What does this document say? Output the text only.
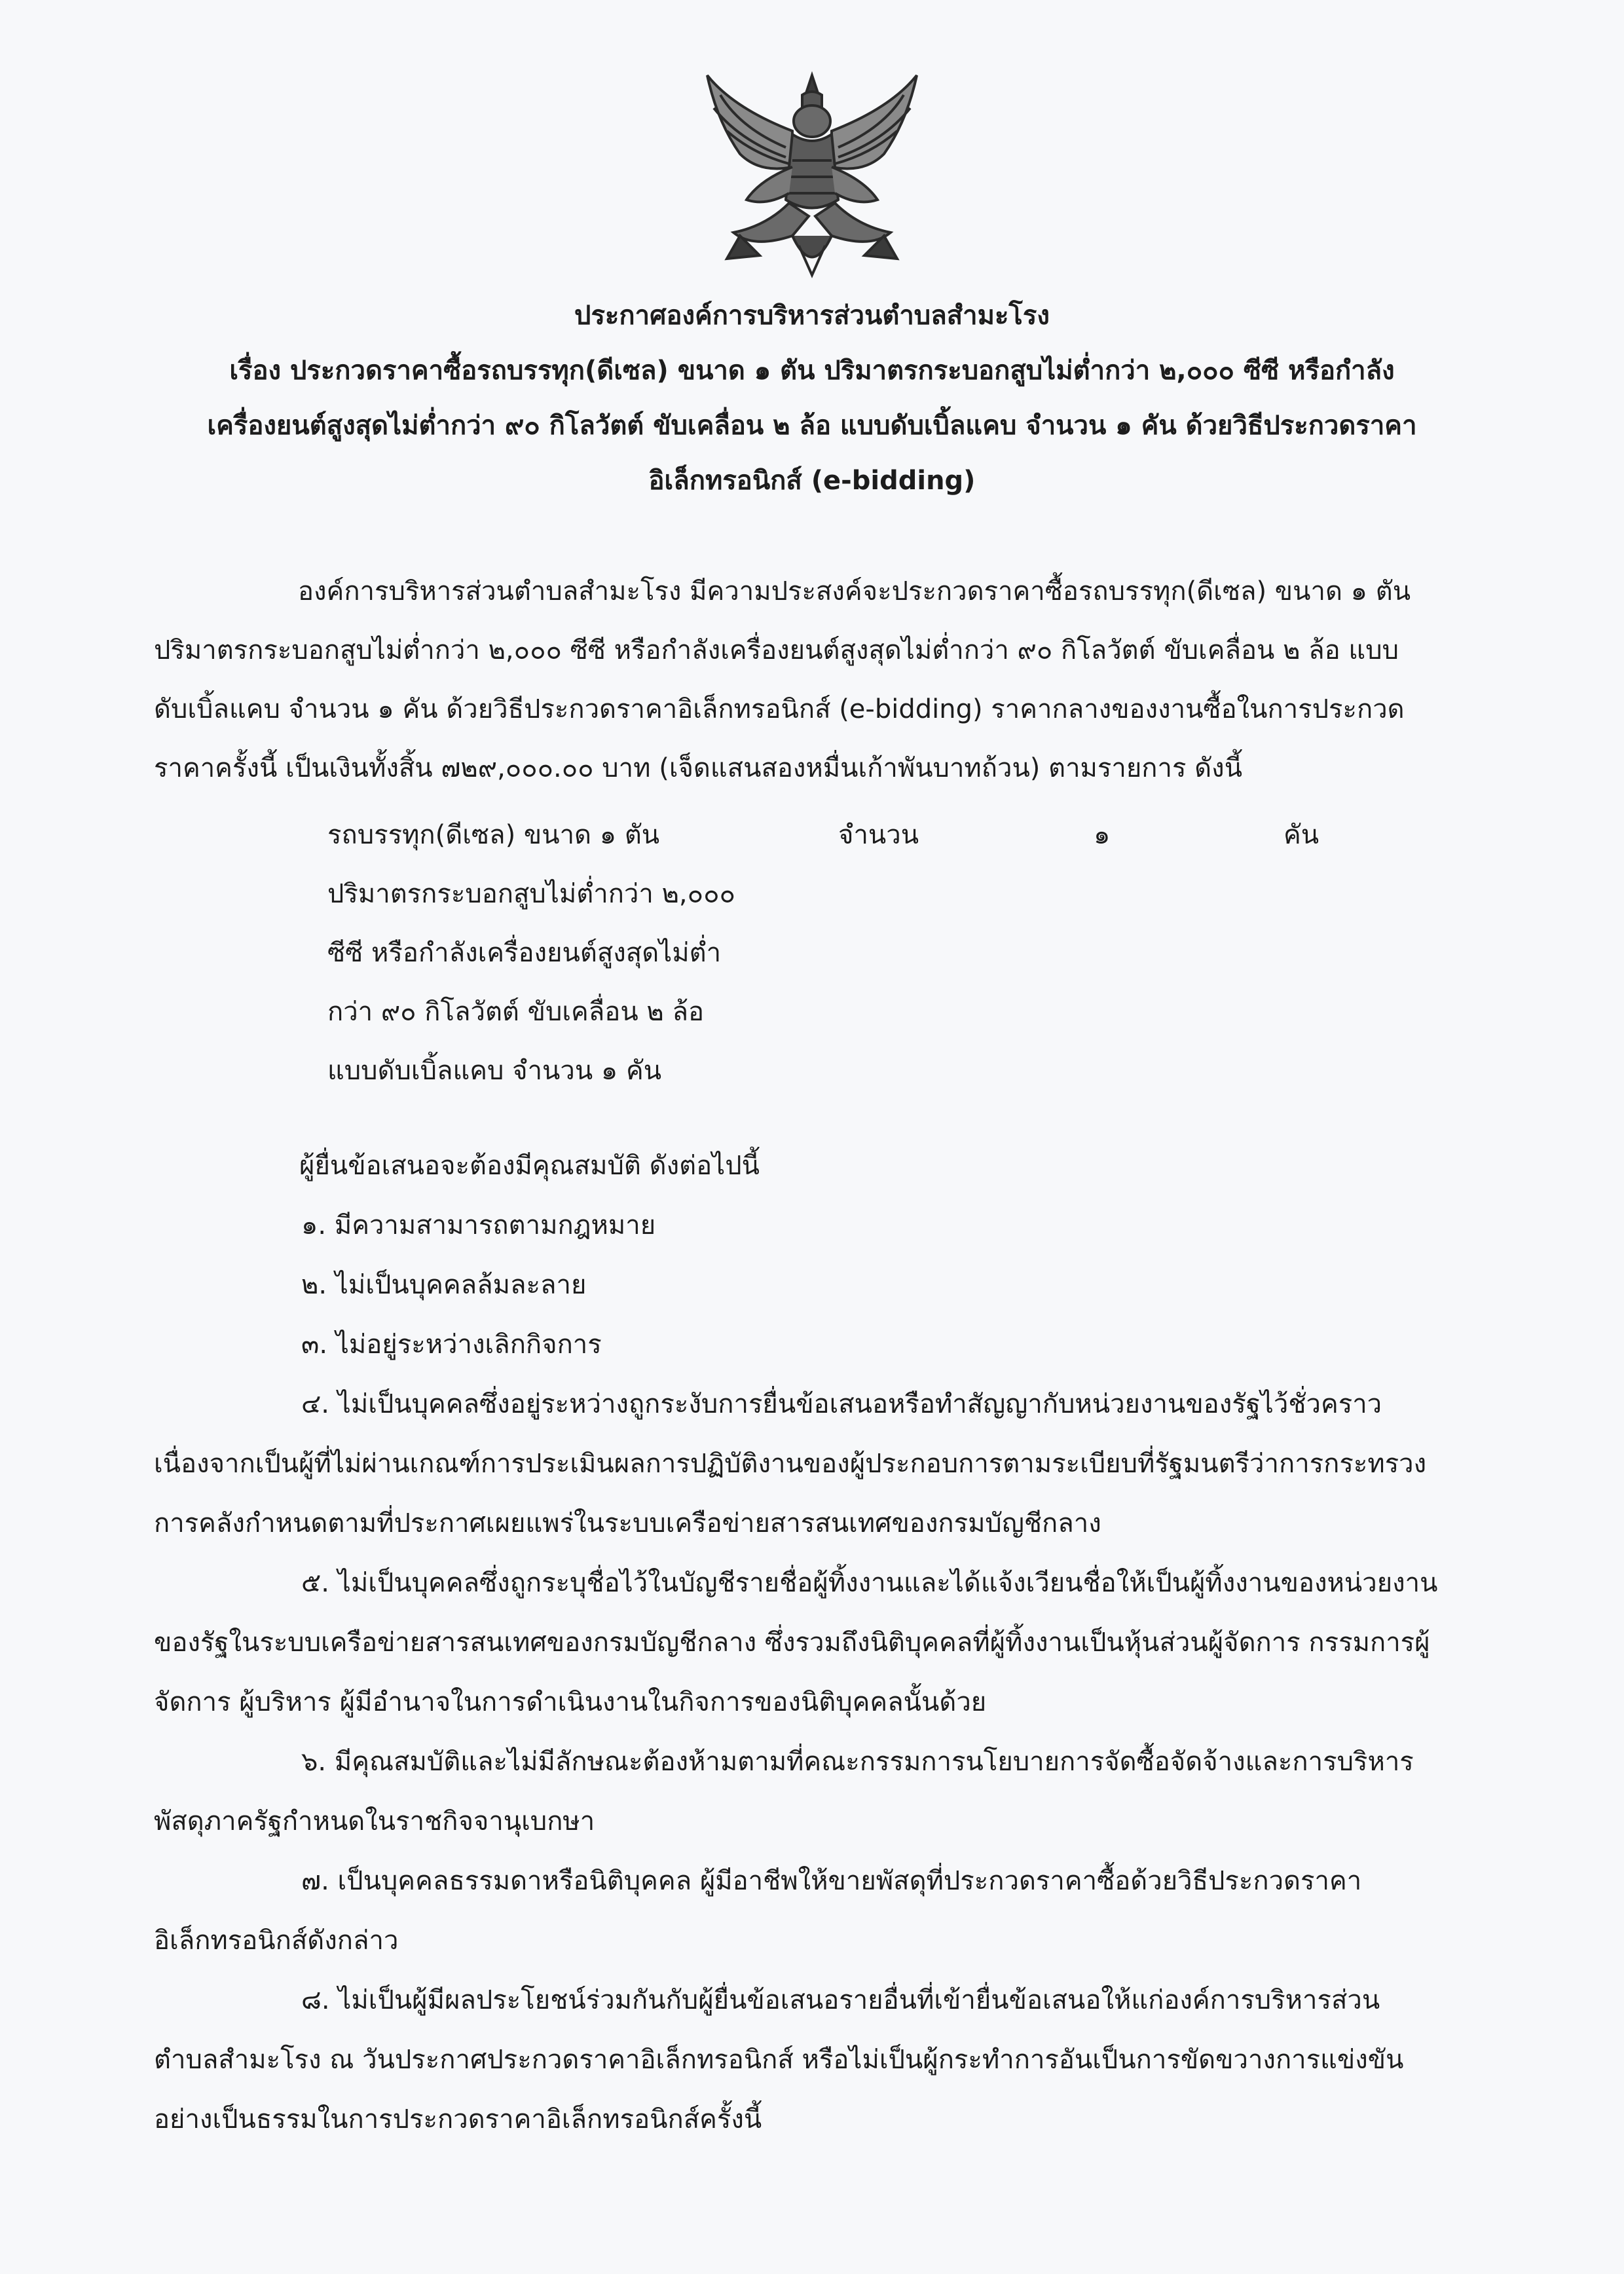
ประกาศองค์การบริหารส่วนตำบลสำมะโรง

เรื่อง ประกวดราคาซื้อรถบรรทุก(ดีเซล) ขนาด ๑ ตัน ปริมาตรกระบอกสูบไม่ต่ำกว่า ๒,๐๐๐ ซีซี หรือกำลัง

เครื่องยนต์สูงสุดไม่ต่ำกว่า ๙๐ กิโลวัตต์ ขับเคลื่อน ๒ ล้อ แบบดับเบิ้ลแคบ จำนวน ๑ คัน ด้วยวิธีประกวดราคา

อิเล็กทรอนิกส์ (e-bidding)

องค์การบริหารส่วนตำบลสำมะโรง มีความประสงค์จะประกวดราคาซื้อรถบรรทุก(ดีเซล) ขนาด ๑ ตัน
ปริมาตรกระบอกสูบไม่ต่ำกว่า ๒,๐๐๐ ซีซี หรือกำลังเครื่องยนต์สูงสุดไม่ต่ำกว่า ๙๐ กิโลวัตต์ ขับเคลื่อน ๒ ล้อ แบบ
ดับเบิ้ลแคบ จำนวน ๑ คัน ด้วยวิธีประกวดราคาอิเล็กทรอนิกส์ (e-bidding) ราคากลางของงานซื้อในการประกวด
ราคาครั้งนี้ เป็นเงินทั้งสิ้น ๗๒๙,๐๐๐.๐๐ บาท (เจ็ดแสนสองหมื่นเก้าพันบาทถ้วน) ตามรายการ ดังนี้

รถบรรทุก(ดีเซล) ขนาด ๑ ตัน	จำนวน	๑	คัน
ปริมาตรกระบอกสูบไม่ต่ำกว่า ๒,๐๐๐
ซีซี หรือกำลังเครื่องยนต์สูงสุดไม่ต่ำ
กว่า ๙๐ กิโลวัตต์ ขับเคลื่อน ๒ ล้อ
แบบดับเบิ้ลแคบ จำนวน ๑ คัน
ผู้ยื่นข้อเสนอจะต้องมีคุณสมบัติ ดังต่อไปนี้
๑. มีความสามารถตามกฎหมาย
๒. ไม่เป็นบุคคลล้มละลาย
๓. ไม่อยู่ระหว่างเลิกกิจการ
๔. ไม่เป็นบุคคลซึ่งอยู่ระหว่างถูกระงับการยื่นข้อเสนอหรือทำสัญญากับหน่วยงานของรัฐไว้ชั่วคราว
เนื่องจากเป็นผู้ที่ไม่ผ่านเกณฑ์การประเมินผลการปฏิบัติงานของผู้ประกอบการตามระเบียบที่รัฐมนตรีว่าการกระทรวง
การคลังกำหนดตามที่ประกาศเผยแพร่ในระบบเครือข่ายสารสนเทศของกรมบัญชีกลาง
๕. ไม่เป็นบุคคลซึ่งถูกระบุชื่อไว้ในบัญชีรายชื่อผู้ทิ้งงานและได้แจ้งเวียนชื่อให้เป็นผู้ทิ้งงานของหน่วยงาน
ของรัฐในระบบเครือข่ายสารสนเทศของกรมบัญชีกลาง ซึ่งรวมถึงนิติบุคคลที่ผู้ทิ้งงานเป็นหุ้นส่วนผู้จัดการ กรรมการผู้
จัดการ ผู้บริหาร ผู้มีอำนาจในการดำเนินงานในกิจการของนิติบุคคลนั้นด้วย
๖. มีคุณสมบัติและไม่มีลักษณะต้องห้ามตามที่คณะกรรมการนโยบายการจัดซื้อจัดจ้างและการบริหาร
พัสดุภาครัฐกำหนดในราชกิจจานุเบกษา
๗. เป็นบุคคลธรรมดาหรือนิติบุคคล ผู้มีอาชีพให้ขายพัสดุที่ประกวดราคาซื้อด้วยวิธีประกวดราคา
อิเล็กทรอนิกส์ดังกล่าว
๘. ไม่เป็นผู้มีผลประโยชน์ร่วมกันกับผู้ยื่นข้อเสนอรายอื่นที่เข้ายื่นข้อเสนอให้แก่องค์การบริหารส่วน
ตำบลสำมะโรง ณ วันประกาศประกวดราคาอิเล็กทรอนิกส์ หรือไม่เป็นผู้กระทำการอันเป็นการขัดขวางการแข่งขัน
อย่างเป็นธรรมในการประกวดราคาอิเล็กทรอนิกส์ครั้งนี้
